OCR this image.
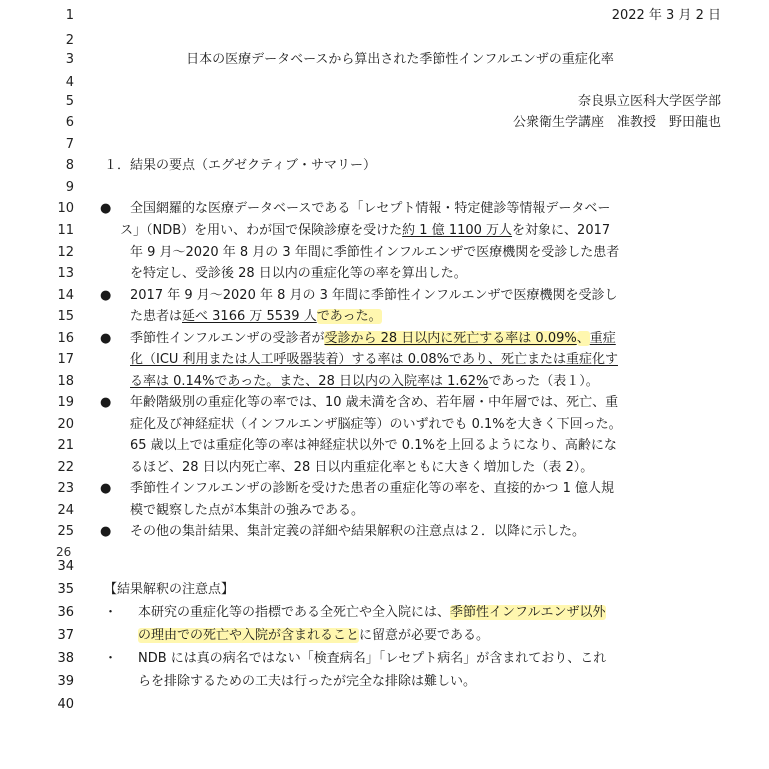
1
2
3
4
5
6
7
8
9
10
11
12
13
14
15
16
17
18
19
20
21
22
23
24
25
2022 年 3 月 2 日
日本の医療データベースから算出された季節性インフルエンザの重症化率
奈良県立医科大学医学部
公衆衛生学講座　准教授　野田龍也
１．結果の要点（エグゼクティブ・サマリー）
● 全国網羅的な医療データベースである「レセプト情報・特定健診等情報データベー
ス」（NDB）を用い、わが国で保険診療を受けた約 1 億 1100 万人を対象に、2017
年 9 月～2020 年 8 月の 3 年間に季節性インフルエンザで医療機関を受診した患者
を特定し、受診後 28 日以内の重症化等の率を算出した。
● 2017 年 9 月～2020 年 8 月の 3 年間に季節性インフルエンザで医療機関を受診し
た患者は延べ 3166 万 5539 人であった。
● 季節性インフルエンザの受診者が受診から 28 日以内に死亡する率は 0.09%、重症
化（ICU 利用または人工呼吸器装着）する率は 0.08%であり、死亡または重症化す
る率は 0.14%であった。また、28 日以内の入院率は 1.62%であった（表１）。
● 年齢階級別の重症化等の率では、10 歳未満を含め、若年層・中年層では、死亡、重
症化及び神経症状（インフルエンザ脳症等）のいずれでも 0.1%を大きく下回った。
65 歳以上では重症化等の率は神経症状以外で 0.1%を上回るようになり、高齢にな
るほど、28 日以内死亡率、28 日以内重症化率ともに大きく増加した（表 2）。
● 季節性インフルエンザの診断を受けた患者の重症化等の率を、直接的かつ 1 億人規
模で観察した点が本集計の強みである。
● その他の集計結果、集計定義の詳細や結果解釈の注意点は２．以降に示した。
26
34
35 【結果解釈の注意点】
36 ・ 本研究の重症化等の指標である全死亡や全入院には、季節性インフルエンザ以外
37	の理由での死亡や入院が含まれることに留意が必要である。
38 ・ NDB には真の病名ではない「検査病名」「レセプト病名」が含まれており、これ
39	らを排除するための工夫は行ったが完全な排除は難しい。
40
